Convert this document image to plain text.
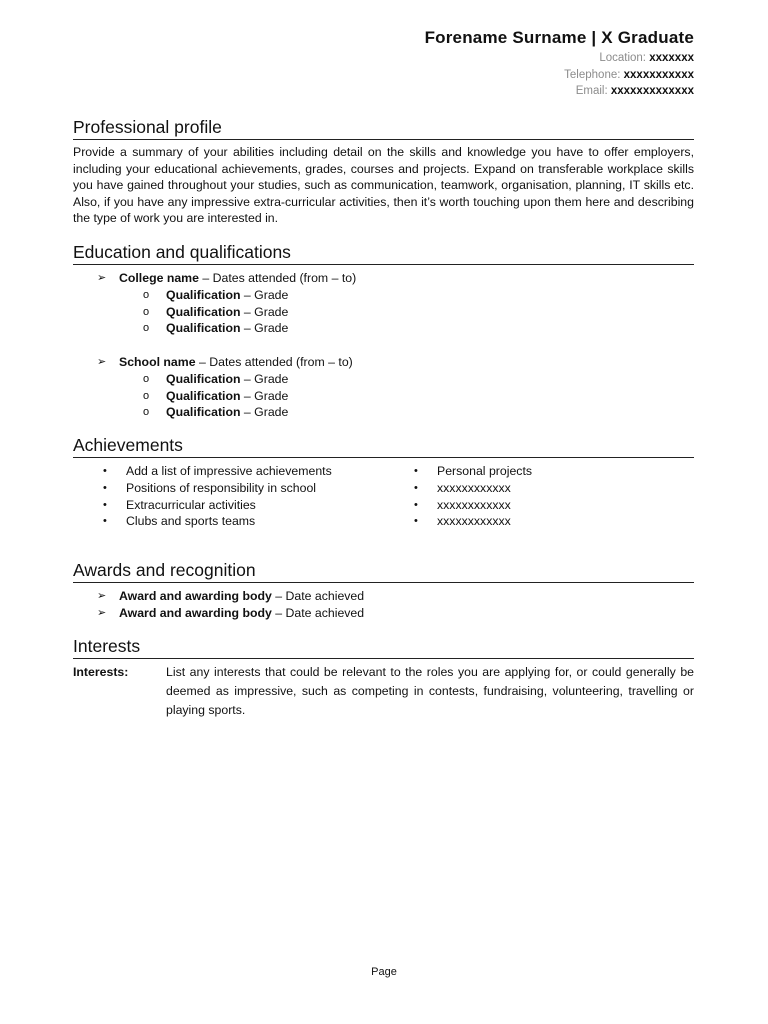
Forename Surname | X Graduate
Location: xxxxxxx
Telephone: xxxxxxxxxxx
Email: xxxxxxxxxxxxx
Professional profile

Provide a summary of your abilities including detail on the skills and knowledge you have to offer employers, including your educational achievements, grades, courses and projects. Expand on transferable workplace skills you have gained throughout your studies, such as communication, teamwork, organisation, planning, IT skills etc. Also, if you have any impressive extra-curricular activities, then it’s worth touching upon them here and describing the type of work you are interested in.

Education and qualifications
➢ College name – Dates attended (from – to)
o Qualification – Grade
o Qualification – Grade
o Qualification – Grade
➢ School name – Dates attended (from – to)
o Qualification – Grade
o Qualification – Grade
o Qualification – Grade
Achievements
• Add a list of impressive achievements
• Positions of responsibility in school
• Extracurricular activities
• Clubs and sports teams
• Personal projects
• xxxxxxxxxxxx
• xxxxxxxxxxxx
• xxxxxxxxxxxx
Awards and recognition
➢ Award and awarding body – Date achieved
➢ Award and awarding body – Date achieved
Interests
Interests:	List any interests that could be relevant to the roles you are applying for, or could generally be deemed as impressive, such as competing in contests, fundraising, volunteering, travelling or playing sports.
Page
